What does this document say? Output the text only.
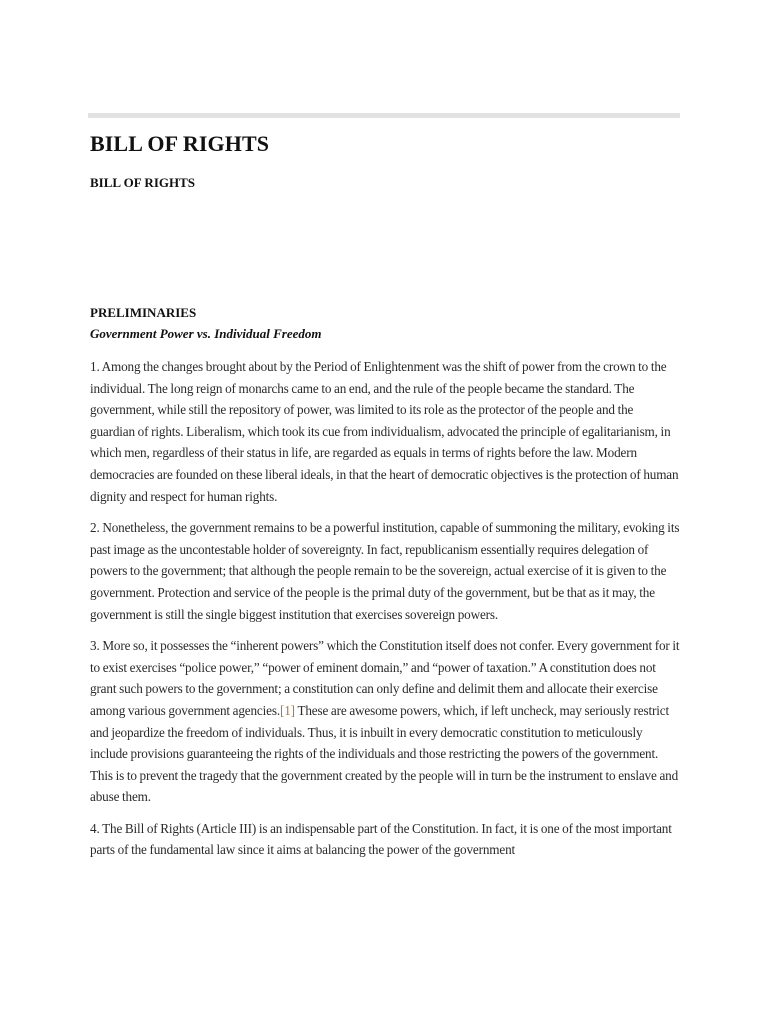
BILL OF RIGHTS
BILL OF RIGHTS
PRELIMINARIES
Government Power vs. Individual Freedom

1. Among the changes brought about by the Period of Enlightenment was the shift of power from the crown to the individual. The long reign of monarchs came to an end, and the rule of the people became the standard. The government, while still the repository of power, was limited to its role as the protector of the people and the guardian of rights. Liberalism, which took its cue from individualism, advocated the principle of egalitarianism, in which men, regardless of their status in life, are regarded as equals in terms of rights before the law. Modern democracies are founded on these liberal ideals, in that the heart of democratic objectives is the protection of human dignity and respect for human rights.

2. Nonetheless, the government remains to be a powerful institution, capable of summoning the military, evoking its past image as the uncontestable holder of sovereignty. In fact, republicanism essentially requires delegation of powers to the government; that although the people remain to be the sovereign, actual exercise of it is given to the government. Protection and service of the people is the primal duty of the government, but be that as it may, the government is still the single biggest institution that exercises sovereign powers.

3. More so, it possesses the “inherent powers” which the Constitution itself does not confer. Every government for it to exist exercises “police power,” “power of eminent domain,” and “power of taxation.” A constitution does not grant such powers to the government; a constitution can only define and delimit them and allocate their exercise among various government agencies.[1] These are awesome powers, which, if left uncheck, may seriously restrict and jeopardize the freedom of individuals. Thus, it is inbuilt in every democratic constitution to meticulously include provisions guaranteeing the rights of the individuals and those restricting the powers of the government. This is to prevent the tragedy that the government created by the people will in turn be the instrument to enslave and abuse them.

4. The Bill of Rights (Article III) is an indispensable part of the Constitution. In fact, it is one of the most important parts of the fundamental law since it aims at balancing the power of the government
